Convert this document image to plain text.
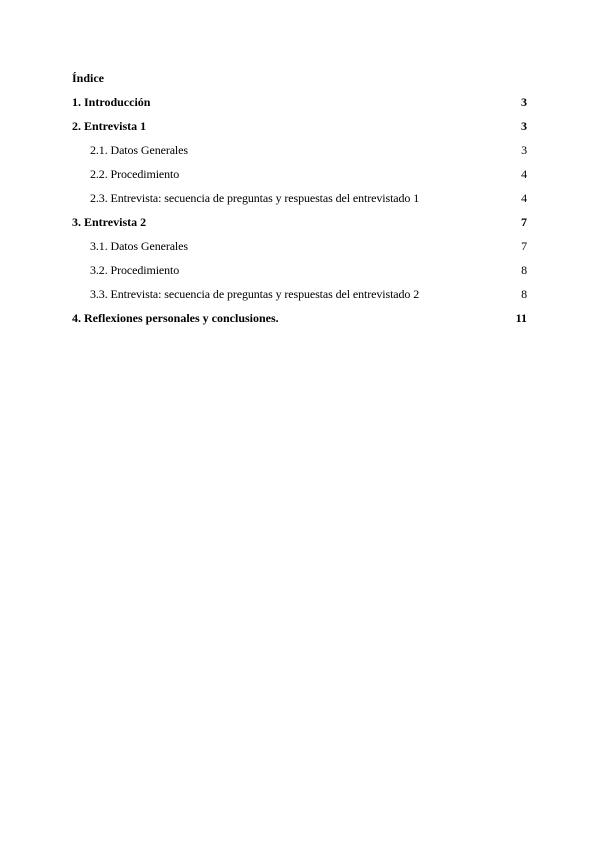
Índice
1. Introducción	3
2. Entrevista 1	3
2.1. Datos Generales	3
2.2. Procedimiento	4
2.3. Entrevista: secuencia de preguntas y respuestas del entrevistado 1	4
3. Entrevista 2	7
3.1. Datos Generales	7
3.2. Procedimiento	8
3.3. Entrevista: secuencia de preguntas y respuestas del entrevistado 2	8
4. Reflexiones personales y conclusiones.	11
